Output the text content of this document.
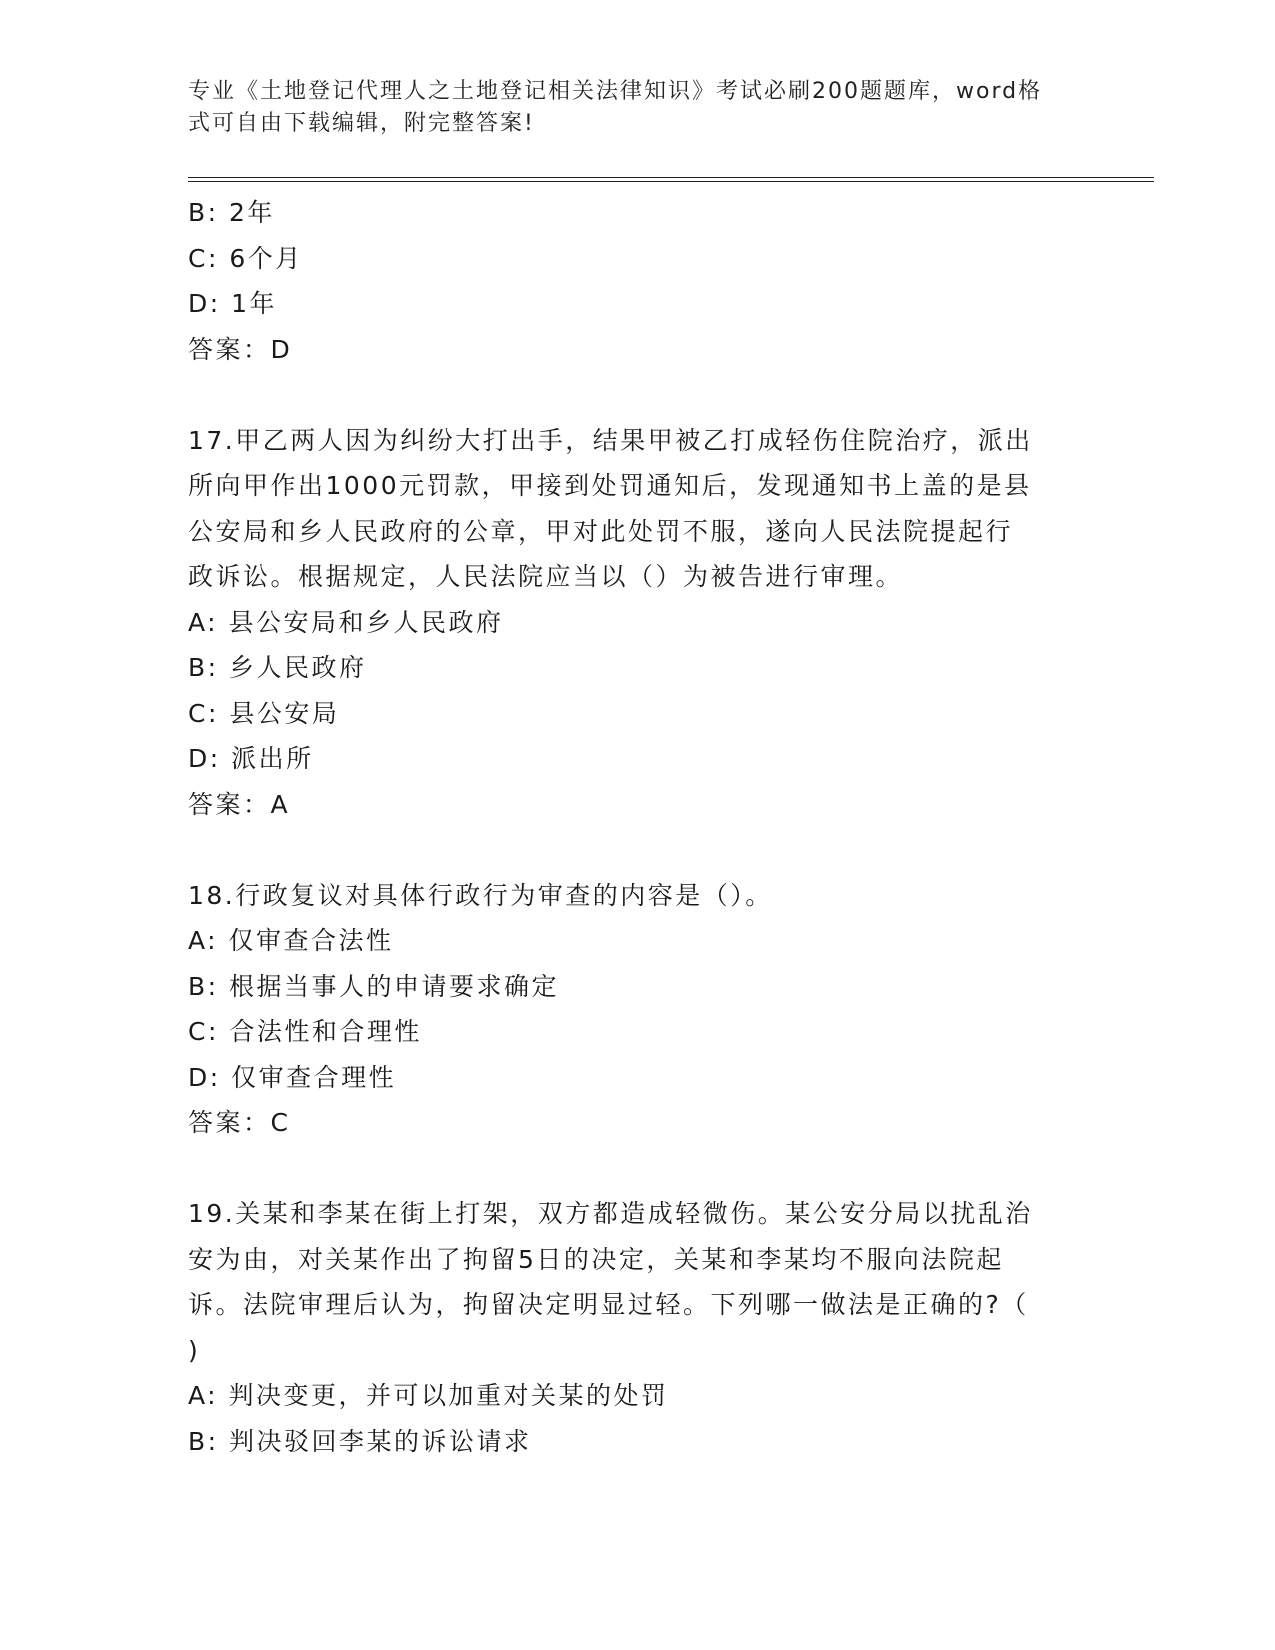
专业《土地登记代理人之土地登记相关法律知识》考试必刷200题题库，word格
式可自由下载编辑，附完整答案!
B: 2年
C: 6个月
D: 1年
答案：D
17.甲乙两人因为纠纷大打出手，结果甲被乙打成轻伤住院治疗，派出
所向甲作出1000元罚款，甲接到处罚通知后，发现通知书上盖的是县
公安局和乡人民政府的公章，甲对此处罚不服，遂向人民法院提起行
政诉讼。根据规定，人民法院应当以（）为被告进行审理。
A: 县公安局和乡人民政府
B: 乡人民政府
C: 县公安局
D: 派出所
答案：A
18.行政复议对具体行政行为审查的内容是（）。
A: 仅审查合法性
B: 根据当事人的申请要求确定
C: 合法性和合理性
D: 仅审查合理性
答案：C
19.关某和李某在街上打架，双方都造成轻微伤。某公安分局以扰乱治
安为由，对关某作出了拘留5日的决定，关某和李某均不服向法院起
诉。法院审理后认为，拘留决定明显过轻。下列哪一做法是正确的?（
)
A: 判决变更，并可以加重对关某的处罚
B: 判决驳回李某的诉讼请求
